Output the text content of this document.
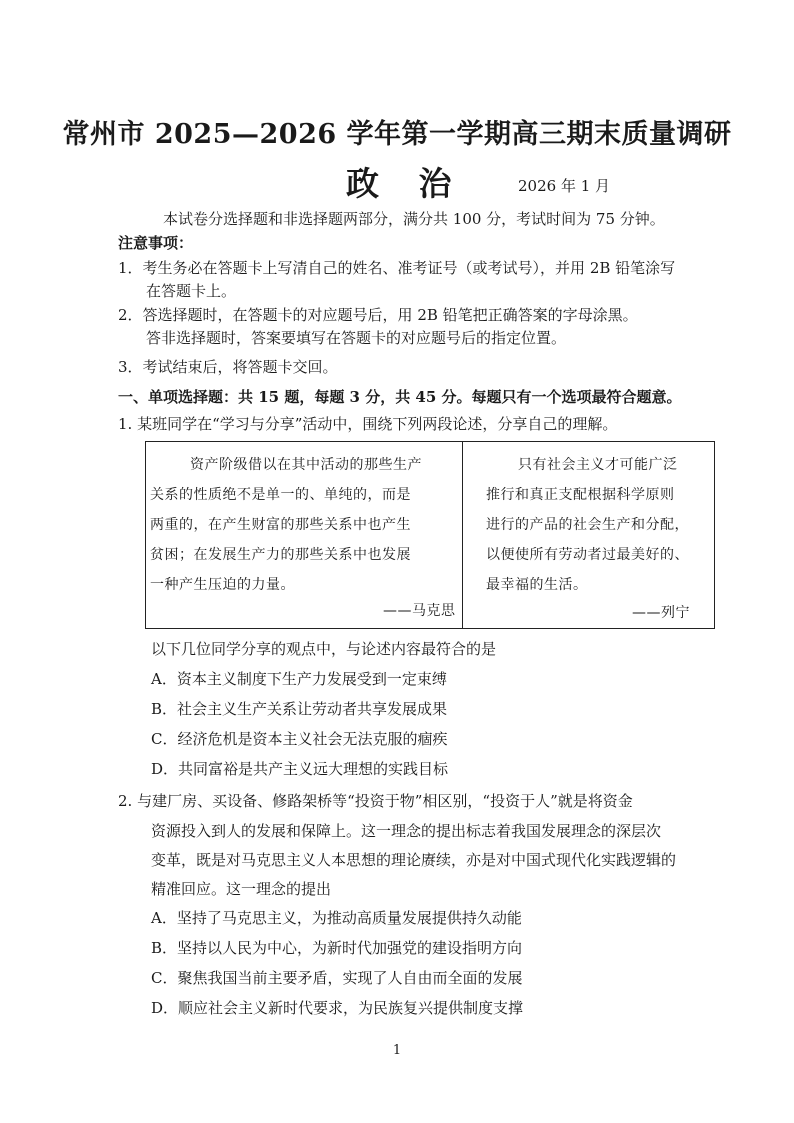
常州市 2025—2026 学年第一学期高三期末质量调研
政 治	2026 年 1 月
本试卷分选择题和非选择题两部分，满分共 100 分，考试时间为 75 分钟。
注意事项：
1．考生务必在答题卡上写清自己的姓名、准考证号（或考试号），并用 2B 铅笔涂写
在答题卡上。
2．答选择题时，在答题卡的对应题号后，用 2B 铅笔把正确答案的字母涂黑。
答非选择题时，答案要填写在答题卡的对应题号后的指定位置。
3．考试结束后，将答题卡交回。
一、单项选择题：共 15 题，每题 3 分，共 45 分。每题只有一个选项最符合题意。
1. 某班同学在“学习与分享”活动中，围绕下列两段论述，分享自己的理解。
资产阶级借以在其中活动的那些生产
关系的性质绝不是单一的、单纯的，而是
两重的，在产生财富的那些关系中也产生
贫困；在发展生产力的那些关系中也发展
一种产生压迫的力量。
——马克思
只有社会主义才可能广泛
推行和真正支配根据科学原则
进行的产品的社会生产和分配，
以便使所有劳动者过最美好的、
最幸福的生活。
——列宁
以下几位同学分享的观点中，与论述内容最符合的是
A．资本主义制度下生产力发展受到一定束缚
B．社会主义生产关系让劳动者共享发展成果
C．经济危机是资本主义社会无法克服的痼疾
D．共同富裕是共产主义远大理想的实践目标
2. 与建厂房、买设备、修路架桥等“投资于物”相区别，“投资于人”就是将资金
资源投入到人的发展和保障上。这一理念的提出标志着我国发展理念的深层次
变革，既是对马克思主义人本思想的理论赓续，亦是对中国式现代化实践逻辑的
精准回应。这一理念的提出
A．坚持了马克思主义，为推动高质量发展提供持久动能
B．坚持以人民为中心，为新时代加强党的建设指明方向
C．聚焦我国当前主要矛盾，实现了人自由而全面的发展
D．顺应社会主义新时代要求，为民族复兴提供制度支撑
1
